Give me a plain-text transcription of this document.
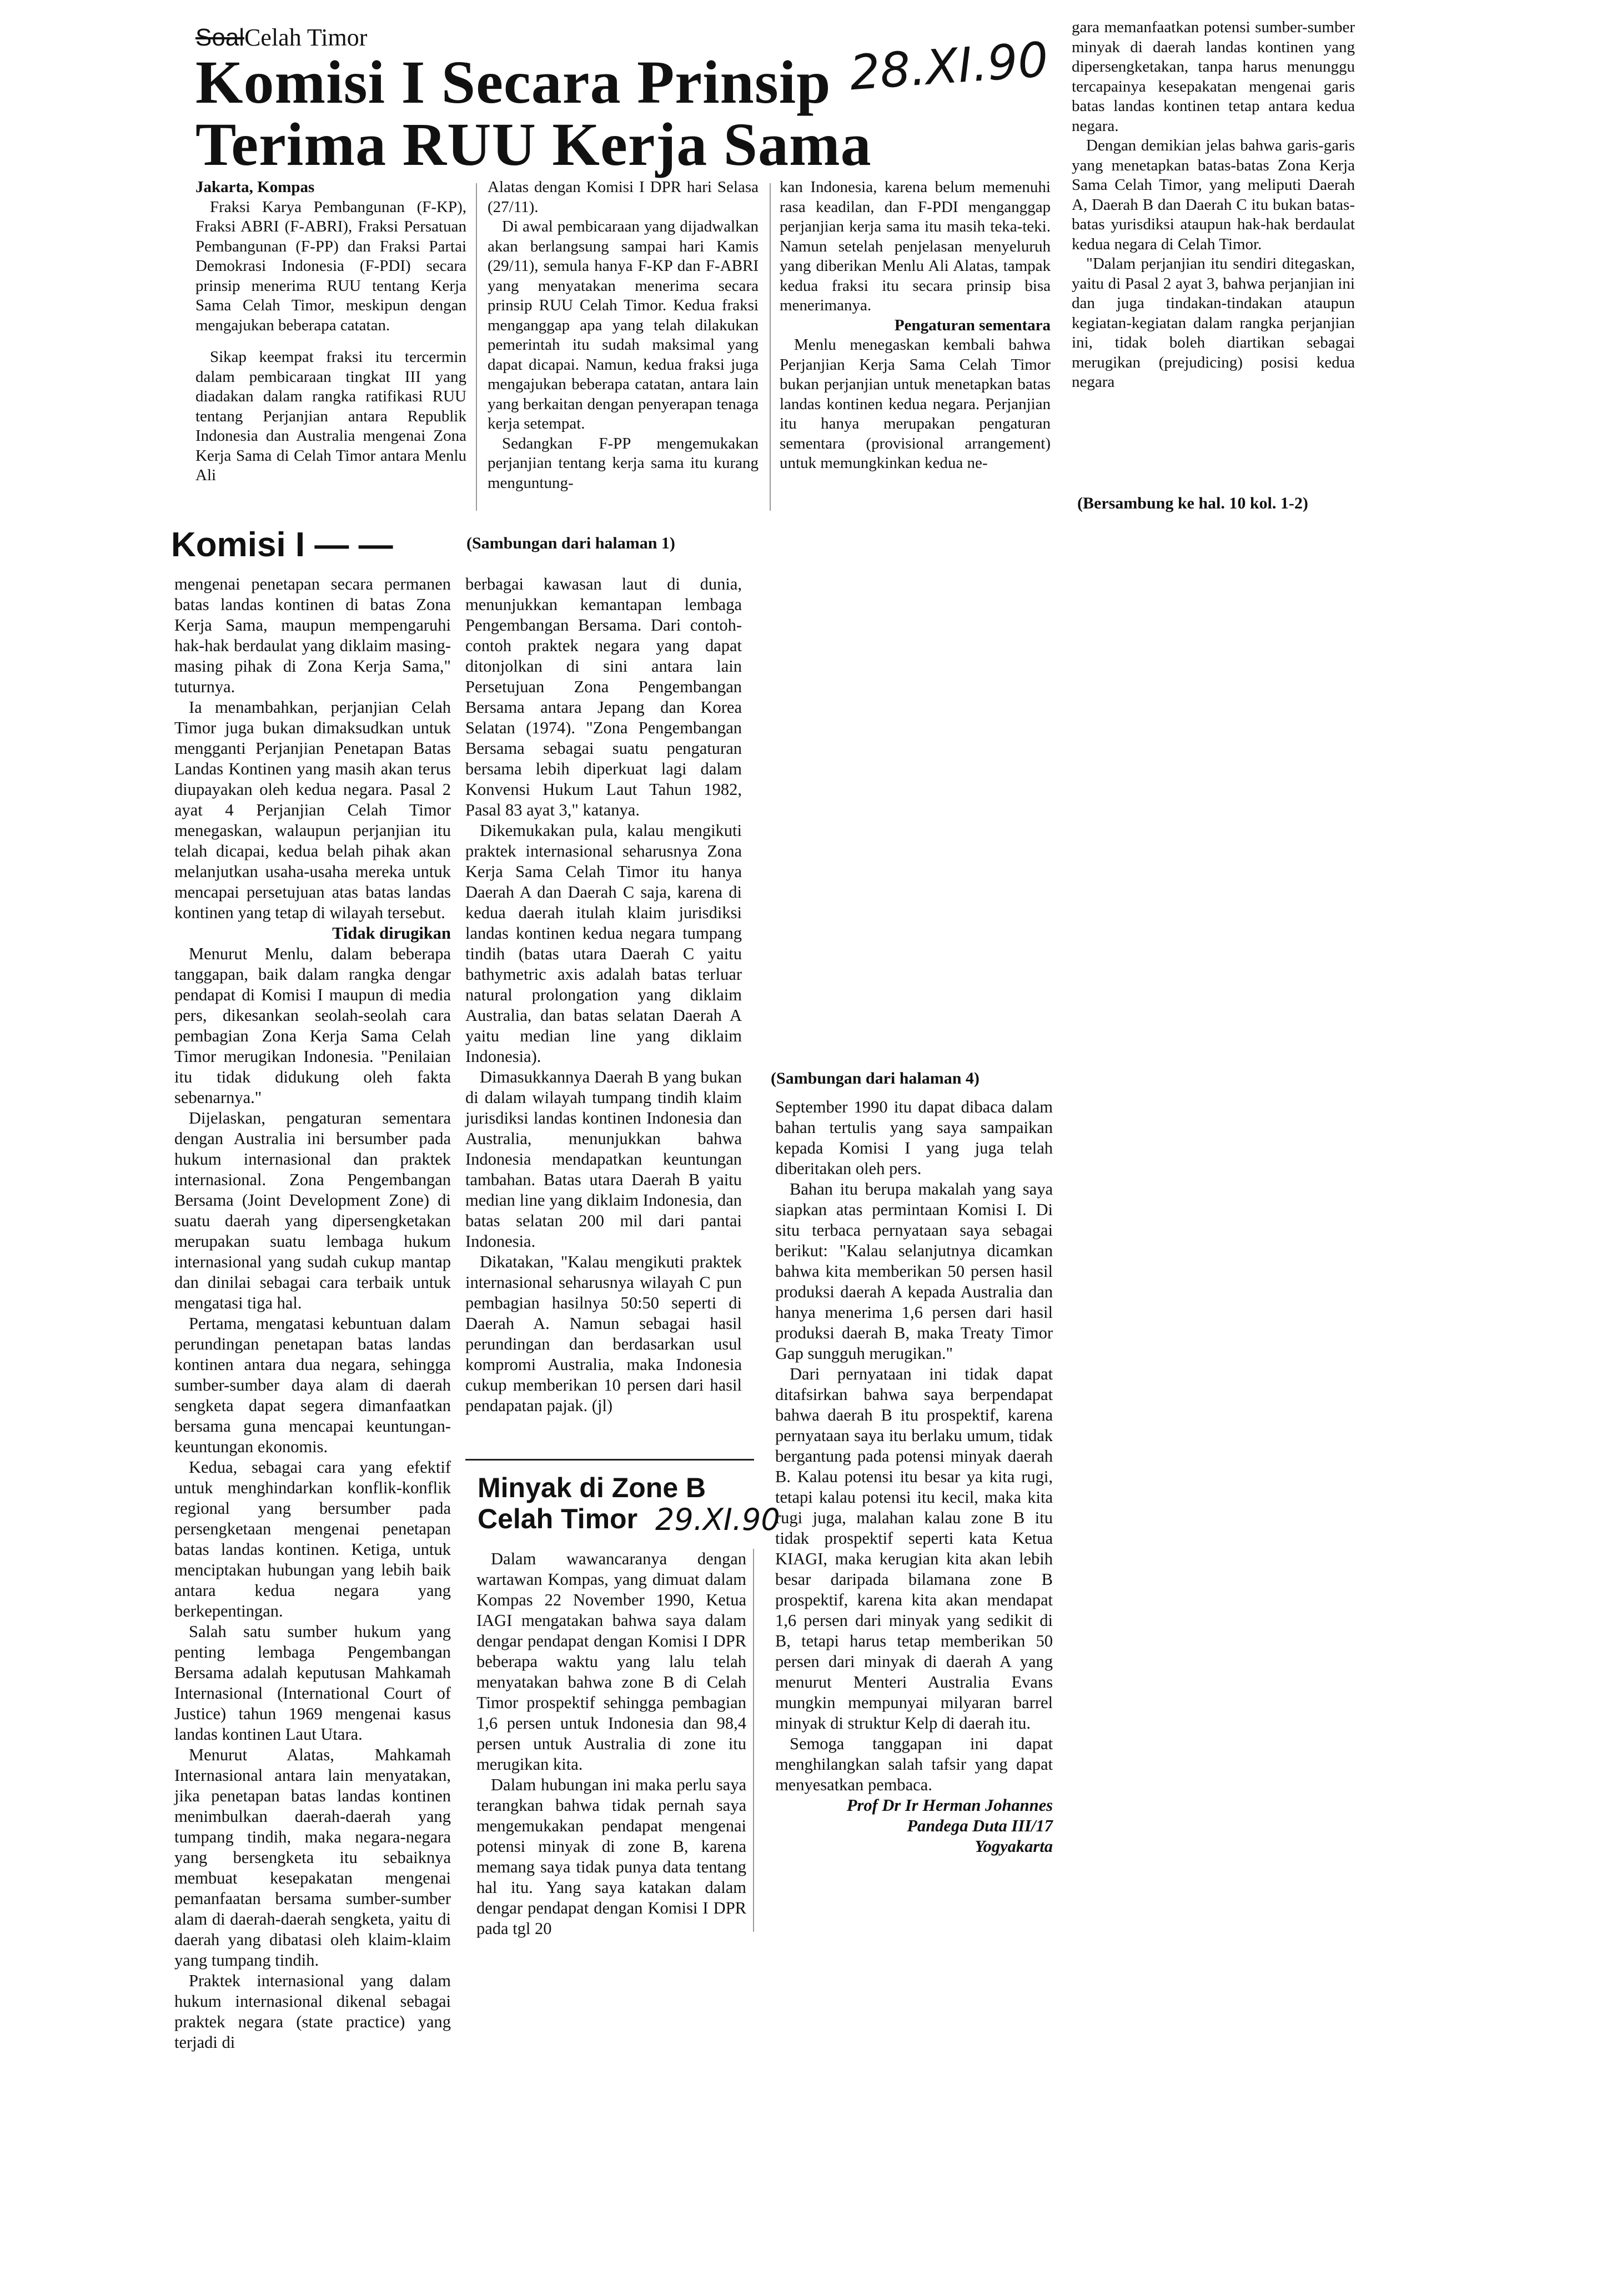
SoalCelah Timor
Komisi I Secara Prinsip
Terima RUU Kerja Sama
28.XI.90
Jakarta, Kompas

Fraksi Karya Pembangunan (F-KP), Fraksi ABRI (F-ABRI), Fraksi Persatuan Pembangunan (F-PP) dan Fraksi Partai Demokrasi Indonesia (F-PDI) secara prinsip menerima RUU tentang Kerja Sama Celah Timor, meskipun dengan mengajukan beberapa catatan.

Sikap keempat fraksi itu tercermin dalam pembicaraan tingkat III yang diadakan dalam rangka ratifikasi RUU tentang Perjanjian antara Republik Indonesia dan Australia mengenai Zona Kerja Sama di Celah Timor antara Menlu Ali

Alatas dengan Komisi I DPR hari Selasa (27/11).

Di awal pembicaraan yang dijadwalkan akan berlangsung sampai hari Kamis (29/11), semula hanya F-KP dan F-ABRI yang menyatakan menerima secara prinsip RUU Celah Timor. Kedua fraksi menganggap apa yang telah dilakukan pemerintah itu sudah maksimal yang dapat dicapai. Namun, kedua fraksi juga mengajukan beberapa catatan, antara lain yang berkaitan dengan penyerapan tenaga kerja setempat.

Sedangkan F-PP mengemukakan perjanjian tentang kerja sama itu kurang menguntung-

kan Indonesia, karena belum memenuhi rasa keadilan, dan F-PDI menganggap perjanjian kerja sama itu masih teka-teki. Namun setelah penjelasan menyeluruh yang diberikan Menlu Ali Alatas, tampak kedua fraksi itu secara prinsip bisa menerimanya.

Pengaturan sementara

Menlu menegaskan kembali bahwa Perjanjian Kerja Sama Celah Timor bukan perjanjian untuk menetapkan batas landas kontinen kedua negara. Perjanjian itu hanya merupakan pengaturan sementara (provisional arrangement) untuk memungkinkan kedua ne-

gara memanfaatkan potensi sumber-sumber minyak di daerah landas kontinen yang dipersengketakan, tanpa harus menunggu tercapainya kesepakatan mengenai garis batas landas kontinen tetap antara kedua negara.

Dengan demikian jelas bahwa garis-garis yang menetapkan batas-batas Zona Kerja Sama Celah Timor, yang meliputi Daerah A, Daerah B dan Daerah C itu bukan batas-batas yurisdiksi ataupun hak-hak berdaulat kedua negara di Celah Timor.

"Dalam perjanjian itu sendiri ditegaskan, yaitu di Pasal 2 ayat 3, bahwa perjanjian ini dan juga tindakan-tindakan ataupun kegiatan-kegiatan dalam rangka perjanjian ini, tidak boleh diartikan sebagai merugikan (prejudicing) posisi kedua negara

(Bersambung ke hal. 10 kol. 1-2)
Komisi I — —	(Sambungan dari halaman 1)

mengenai penetapan secara permanen batas landas kontinen di batas Zona Kerja Sama, maupun mempengaruhi hak-hak berdaulat yang diklaim masing-masing pihak di Zona Kerja Sama," tuturnya.

Ia menambahkan, perjanjian Celah Timor juga bukan dimaksudkan untuk mengganti Perjanjian Penetapan Batas Landas Kontinen yang masih akan terus diupayakan oleh kedua negara. Pasal 2 ayat 4 Perjanjian Celah Timor menegaskan, walaupun perjanjian itu telah dicapai, kedua belah pihak akan melanjutkan usaha-usaha mereka untuk mencapai persetujuan atas batas landas kontinen yang tetap di wilayah tersebut.

Tidak dirugikan

Menurut Menlu, dalam beberapa tanggapan, baik dalam rangka dengar pendapat di Komisi I maupun di media pers, dikesankan seolah-seolah cara pembagian Zona Kerja Sama Celah Timor merugikan Indonesia. "Penilaian itu tidak didukung oleh fakta sebenarnya."

Dijelaskan, pengaturan sementara dengan Australia ini bersumber pada hukum internasional dan praktek internasional. Zona Pengembangan Bersama (Joint Development Zone) di suatu daerah yang dipersengketakan merupakan suatu lembaga hukum internasional yang sudah cukup mantap dan dinilai sebagai cara terbaik untuk mengatasi tiga hal.

Pertama, mengatasi kebuntuan dalam perundingan penetapan batas landas kontinen antara dua negara, sehingga sumber-sumber daya alam di daerah sengketa dapat segera dimanfaatkan bersama guna mencapai keuntungan-keuntungan ekonomis.

Kedua, sebagai cara yang efektif untuk menghindarkan konflik-konflik regional yang bersumber pada persengketaan mengenai penetapan batas landas kontinen. Ketiga, untuk menciptakan hubungan yang lebih baik antara kedua negara yang berkepentingan.

Salah satu sumber hukum yang penting lembaga Pengembangan Bersama adalah keputusan Mahkamah Internasional (International Court of Justice) tahun 1969 mengenai kasus landas kontinen Laut Utara.

Menurut Alatas, Mahkamah Internasional antara lain menyatakan, jika penetapan batas landas kontinen menimbulkan daerah-daerah yang tumpang tindih, maka negara-negara yang bersengketa itu sebaiknya membuat kesepakatan mengenai pemanfaatan bersama sumber-sumber alam di daerah-daerah sengketa, yaitu di daerah yang dibatasi oleh klaim-klaim yang tumpang tindih.

Praktek internasional yang dalam hukum internasional dikenal sebagai praktek negara (state practice) yang terjadi di

berbagai kawasan laut di dunia, menunjukkan kemantapan lembaga Pengembangan Bersama. Dari contoh-contoh praktek negara yang dapat ditonjolkan di sini antara lain Persetujuan Zona Pengembangan Bersama antara Jepang dan Korea Selatan (1974). "Zona Pengembangan Bersama sebagai suatu pengaturan bersama lebih diperkuat lagi dalam Konvensi Hukum Laut Tahun 1982, Pasal 83 ayat 3," katanya.

Dikemukakan pula, kalau mengikuti praktek internasional seharusnya Zona Kerja Sama Celah Timor itu hanya Daerah A dan Daerah C saja, karena di kedua daerah itulah klaim jurisdiksi landas kontinen kedua negara tumpang tindih (batas utara Daerah C yaitu bathymetric axis adalah batas terluar natural prolongation yang diklaim Australia, dan batas selatan Daerah A yaitu median line yang diklaim Indonesia).

Dimasukkannya Daerah B yang bukan di dalam wilayah tumpang tindih klaim jurisdiksi landas kontinen Indonesia dan Australia, menunjukkan bahwa Indonesia mendapatkan keuntungan tambahan. Batas utara Daerah B yaitu median line yang diklaim Indonesia, dan batas selatan 200 mil dari pantai Indonesia.

Dikatakan, "Kalau mengikuti praktek internasional seharusnya wilayah C pun pembagian hasilnya 50:50 seperti di Daerah A. Namun sebagai hasil perundingan dan berdasarkan usul kompromi Australia, maka Indonesia cukup memberikan 10 persen dari hasil pendapatan pajak. (jl)

Minyak di Zone B
Celah Timor 29.XI.90

Dalam wawancaranya dengan wartawan Kompas, yang dimuat dalam Kompas 22 November 1990, Ketua IAGI mengatakan bahwa saya dalam dengar pendapat dengan Komisi I DPR beberapa waktu yang lalu telah menyatakan bahwa zone B di Celah Timor prospektif sehingga pembagian 1,6 persen untuk Indonesia dan 98,4 persen untuk Australia di zone itu merugikan kita.

Dalam hubungan ini maka perlu saya terangkan bahwa tidak pernah saya mengemukakan pendapat mengenai potensi minyak di zone B, karena memang saya tidak punya data tentang hal itu. Yang saya katakan dalam dengar pendapat dengan Komisi I DPR pada tgl 20

(Sambungan dari halaman 4)

September 1990 itu dapat dibaca dalam bahan tertulis yang saya sampaikan kepada Komisi I yang juga telah diberitakan oleh pers.

Bahan itu berupa makalah yang saya siapkan atas permintaan Komisi I. Di situ terbaca pernyataan saya sebagai berikut: "Kalau selanjutnya dicamkan bahwa kita memberikan 50 persen hasil produksi daerah A kepada Australia dan hanya menerima 1,6 persen dari hasil produksi daerah B, maka Treaty Timor Gap sungguh merugikan."

Dari pernyataan ini tidak dapat ditafsirkan bahwa saya berpendapat bahwa daerah B itu prospektif, karena pernyataan saya itu berlaku umum, tidak bergantung pada potensi minyak daerah B. Kalau potensi itu besar ya kita rugi, tetapi kalau potensi itu kecil, maka kita rugi juga, malahan kalau zone B itu tidak prospektif seperti kata Ketua KIAGI, maka kerugian kita akan lebih besar daripada bilamana zone B prospektif, karena kita akan mendapat 1,6 persen dari minyak yang sedikit di B, tetapi harus tetap memberikan 50 persen dari minyak di daerah A yang menurut Menteri Australia Evans mungkin mempunyai milyaran barrel minyak di struktur Kelp di daerah itu.

Semoga tanggapan ini dapat menghilangkan salah tafsir yang dapat menyesatkan pembaca.

Prof Dr Ir Herman Johannes
Pandega Duta III/17
Yogyakarta
